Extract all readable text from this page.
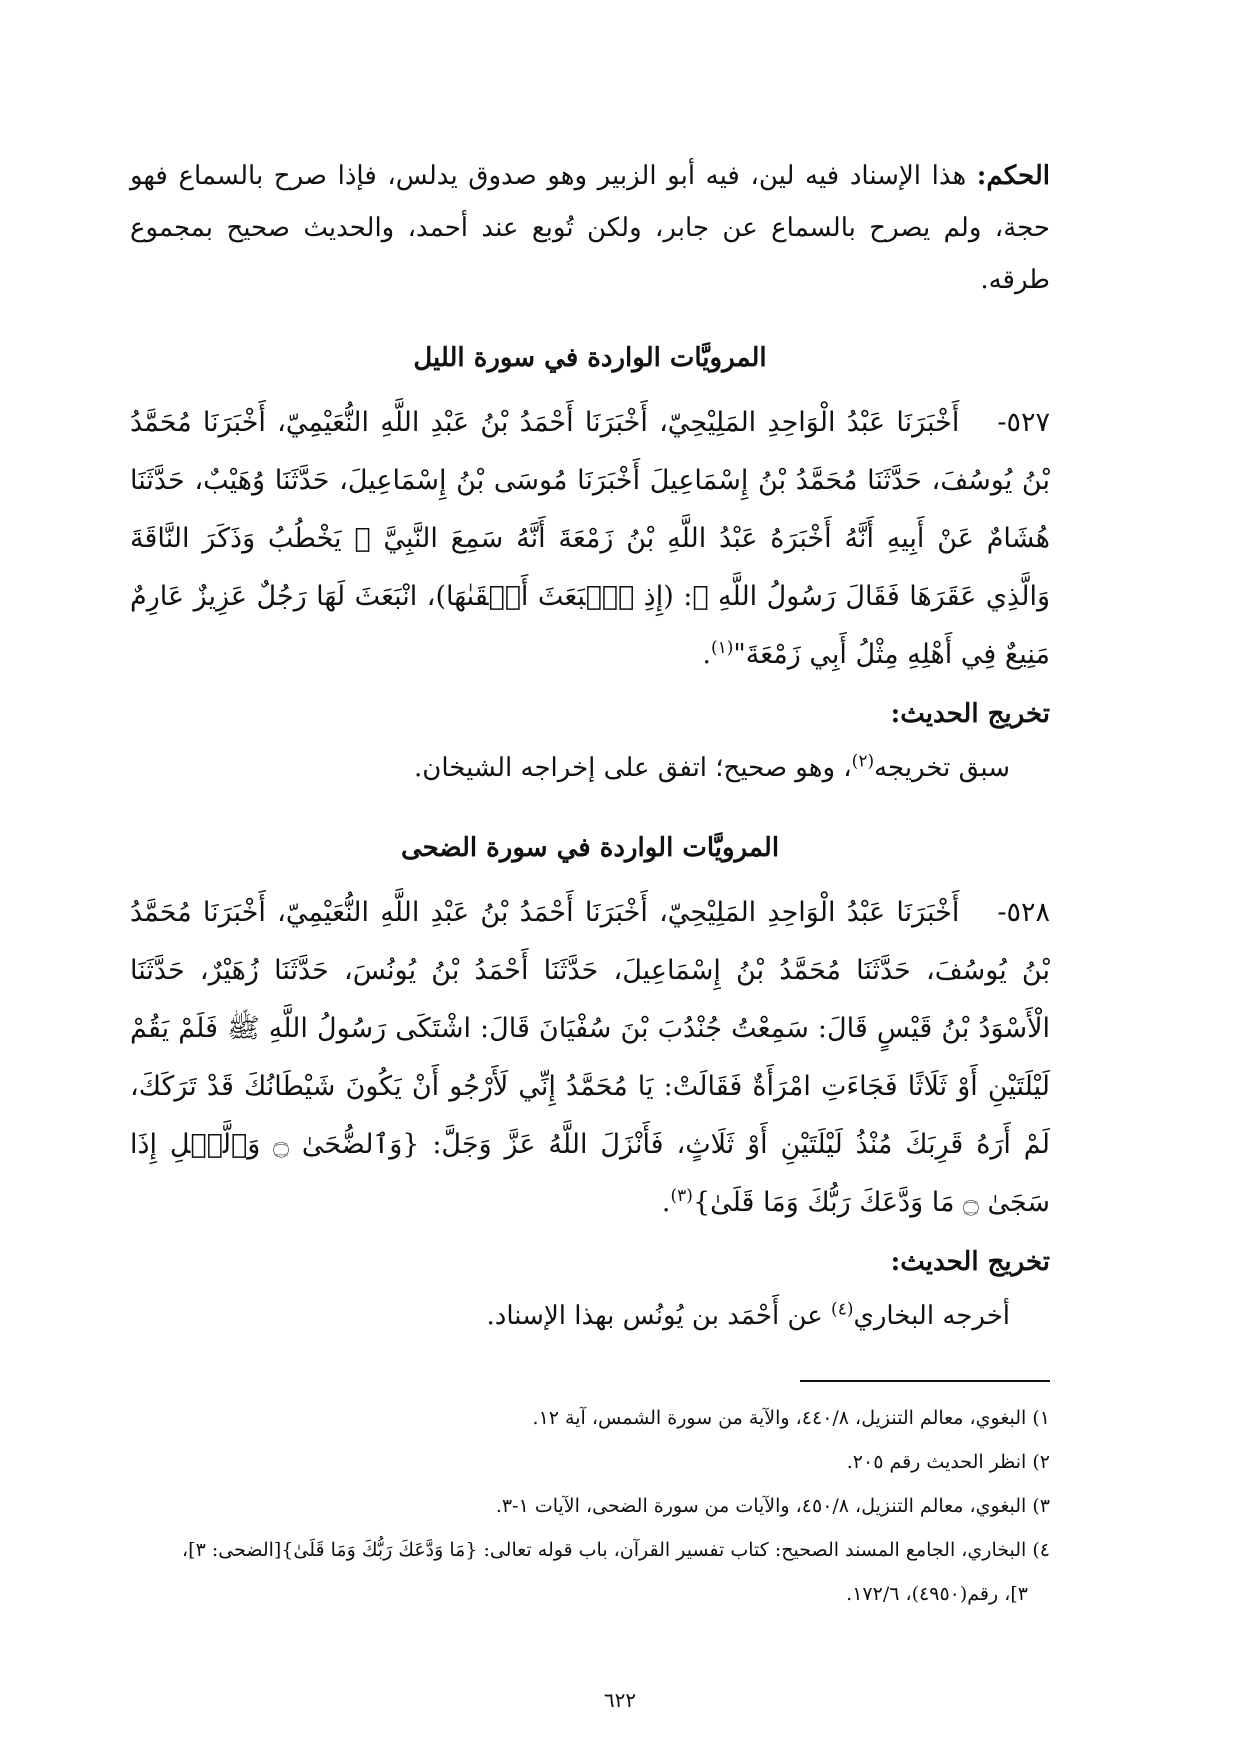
الحكم: هذا الإسناد فيه لين، فيه أبو الزبير وهو صدوق يدلس، فإذا صرح بالسماع فهو حجة، ولم يصرح بالسماع عن جابر، ولكن تُوبع عند أحمد، والحديث صحيح بمجموع طرقه.

المرويَّات الواردة في سورة الليل

٥٢٧-أَخْبَرَنَا عَبْدُ الْوَاحِدِ المَلِيْحِيّ، أَخْبَرَنَا أَحْمَدُ بْنُ عَبْدِ اللَّهِ النُّعَيْمِيّ، أَخْبَرَنَا مُحَمَّدُ بْنُ يُوسُفَ، حَدَّثَنَا مُحَمَّدُ بْنُ إِسْمَاعِيلَ أَخْبَرَنَا مُوسَى بْنُ إِسْمَاعِيلَ، حَدَّثَنَا وُهَيْبٌ، حَدَّثَنَا هُشَامٌ عَنْ أَبِيهِ أَنَّهُ أَخْبَرَهُ عَبْدُ اللَّهِ بْنُ زَمْعَةَ أَنَّهُ سَمِعَ النَّبِيَّ ﷺ يَخْطُبُ وَذَكَرَ النَّاقَةَ وَالَّذِي عَقَرَهَا فَقَالَ رَسُولُ اللَّهِ ﷺ: (إِذِ ٱنۢبَعَثَ أَشۡقَىٰهَا)، انْبَعَثَ لَهَا رَجُلٌ عَزِيزٌ عَارِمٌ مَنِيعٌ فِي أَهْلِهِ مِثْلُ أَبِي زَمْعَةَ"$^{(١)}$.

تخريج الحديث:

سبق تخريجه$^{(٢)}$، وهو صحيح؛ اتفق على إخراجه الشيخان.

المرويَّات الواردة في سورة الضحى

٥٢٨-أَخْبَرَنَا عَبْدُ الْوَاحِدِ المَلِيْحِيّ، أَخْبَرَنَا أَحْمَدُ بْنُ عَبْدِ اللَّهِ النُّعَيْمِيّ، أَخْبَرَنَا مُحَمَّدُ بْنُ يُوسُفَ، حَدَّثَنَا مُحَمَّدُ بْنُ إِسْمَاعِيلَ، حَدَّثَنَا أَحْمَدُ بْنُ يُونُسَ، حَدَّثَنَا زُهَيْرٌ، حَدَّثَنَا الْأَسْوَدُ بْنُ قَيْسٍ قَالَ: سَمِعْتُ جُنْدُبَ بْنَ سُفْيَانَ قَالَ: اشْتَكَى رَسُولُ اللَّهِ ﷺ فَلَمْ يَقُمْ لَيْلَتَيْنِ أَوْ ثَلَاثًا فَجَاءَتِ امْرَأَةٌ فَقَالَتْ: يَا مُحَمَّدُ إِنِّي لَأَرْجُو أَنْ يَكُونَ شَيْطَانُكَ قَدْ تَرَكَكَ، لَمْ أَرَهُ قَرِبَكَ مُنْذُ لَيْلَتَيْنِ أَوْ ثَلَاثٍ، فَأَنْزَلَ اللَّهُ عَزَّ وَجَلَّ: {وَٱلضُّحَىٰ ۝ وَٱلَّيۡلِ إِذَا سَجَىٰ ۝ مَا وَدَّعَكَ رَبُّكَ وَمَا قَلَىٰ}$^{(٣)}$.

تخريج الحديث:

أخرجه البخاري$^{(٤)}$ عن أَحْمَد بن يُونُس بهذا الإسناد.

١) البغوي، معالم التنزيل، ٤٤٠/٨، والآية من سورة الشمس، آية ١٢.

٢) انظر الحديث رقم ٢٠٥.

٣) البغوي، معالم التنزيل، ٤٥٠/٨، والآيات من سورة الضحى، الآيات ١-٣.

٤) البخاري، الجامع المسند الصحيح: كتاب تفسير القرآن، باب قوله تعالى: {مَا وَدَّعَكَ رَبُّكَ وَمَا قَلَىٰ}[الضحى: ٣]،

٣]، رقم(٤٩٥٠)، ١٧٢/٦.

٦٢٢
